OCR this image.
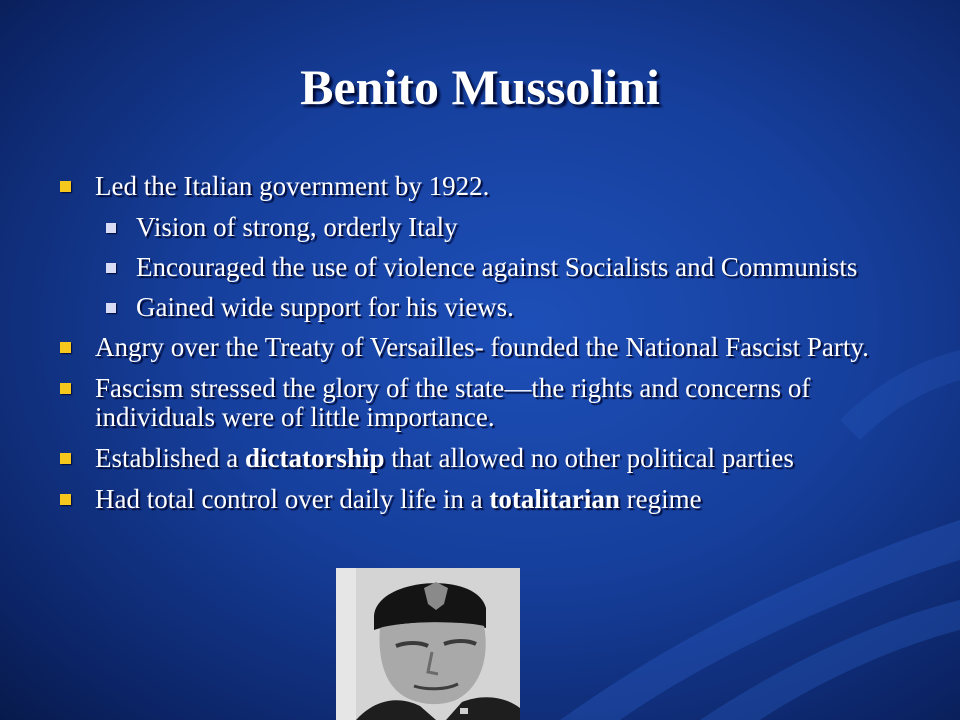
Benito Mussolini
Led the Italian government by 1922.
Vision of strong, orderly Italy
Encouraged the use of violence against Socialists and Communists
Gained wide support for his views.
Angry over the Treaty of Versailles- founded the National Fascist Party.
Fascism stressed the glory of the state—the rights and concerns of individuals were of little importance.
Established a dictatorship that allowed no other political parties
Had total control over daily life in a totalitarian regime
